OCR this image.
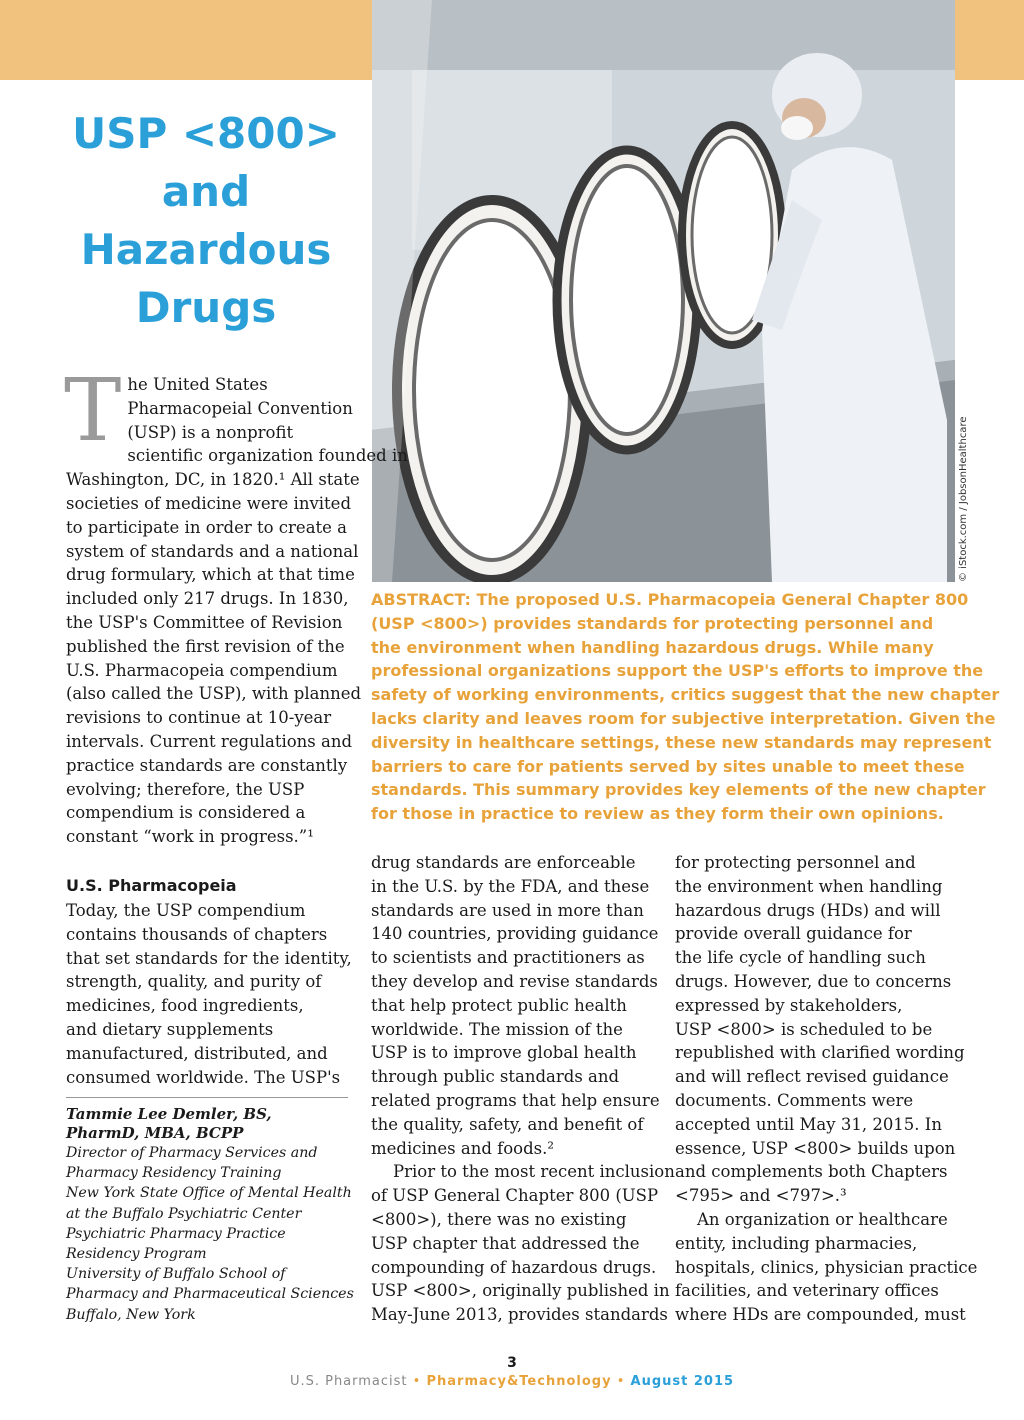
© iStock.com / JobsonHealthcare
USP <800>
and
Hazardous
Drugs
T he United States
Pharmacopeial Convention
(USP) is a nonprofit
scientific organization founded in
Washington, DC, in 1820.¹ All state
societies of medicine were invited
to participate in order to create a
system of standards and a national
drug formulary, which at that time
included only 217 drugs. In 1830,
the USP's Committee of Revision
published the first revision of the
U.S. Pharmacopeia compendium
(also called the USP), with planned
revisions to continue at 10-year
intervals. Current regulations and
practice standards are constantly
evolving; therefore, the USP
compendium is considered a
constant “work in progress.”¹
U.S. Pharmacopeia
Today, the USP compendium
contains thousands of chapters
that set standards for the identity,
strength, quality, and purity of
medicines, food ingredients,
and dietary supplements
manufactured, distributed, and
consumed worldwide. The USP's
Tammie Lee Demler, BS,
PharmD, MBA, BCPP
Director of Pharmacy Services and
Pharmacy Residency Training
New York State Office of Mental Health
at the Buffalo Psychiatric Center
Psychiatric Pharmacy Practice
Residency Program
University of Buffalo School of
Pharmacy and Pharmaceutical Sciences
Buffalo, New York
ABSTRACT: The proposed U.S. Pharmacopeia General Chapter 800
(USP <800>) provides standards for protecting personnel and
the environment when handling hazardous drugs. While many
professional organizations support the USP's efforts to improve the
safety of working environments, critics suggest that the new chapter
lacks clarity and leaves room for subjective interpretation. Given the
diversity in healthcare settings, these new standards may represent
barriers to care for patients served by sites unable to meet these
standards. This summary provides key elements of the new chapter
for those in practice to review as they form their own opinions.
drug standards are enforceable
in the U.S. by the FDA, and these
standards are used in more than
140 countries, providing guidance
to scientists and practitioners as
they develop and revise standards
that help protect public health
worldwide. The mission of the
USP is to improve global health
through public standards and
related programs that help ensure
the quality, safety, and benefit of
medicines and foods.²
Prior to the most recent inclusion
of USP General Chapter 800 (USP
<800>), there was no existing
USP chapter that addressed the
compounding of hazardous drugs.
USP <800>, originally published in
May-June 2013, provides standards
for protecting personnel and
the environment when handling
hazardous drugs (HDs) and will
provide overall guidance for
the life cycle of handling such
drugs. However, due to concerns
expressed by stakeholders,
USP <800> is scheduled to be
republished with clarified wording
and will reflect revised guidance
documents. Comments were
accepted until May 31, 2015. In
essence, USP <800> builds upon
and complements both Chapters
<795> and <797>.³
An organization or healthcare
entity, including pharmacies,
hospitals, clinics, physician practice
facilities, and veterinary offices
where HDs are compounded, must
3
U.S. Pharmacist • Pharmacy&Technology • August 2015
